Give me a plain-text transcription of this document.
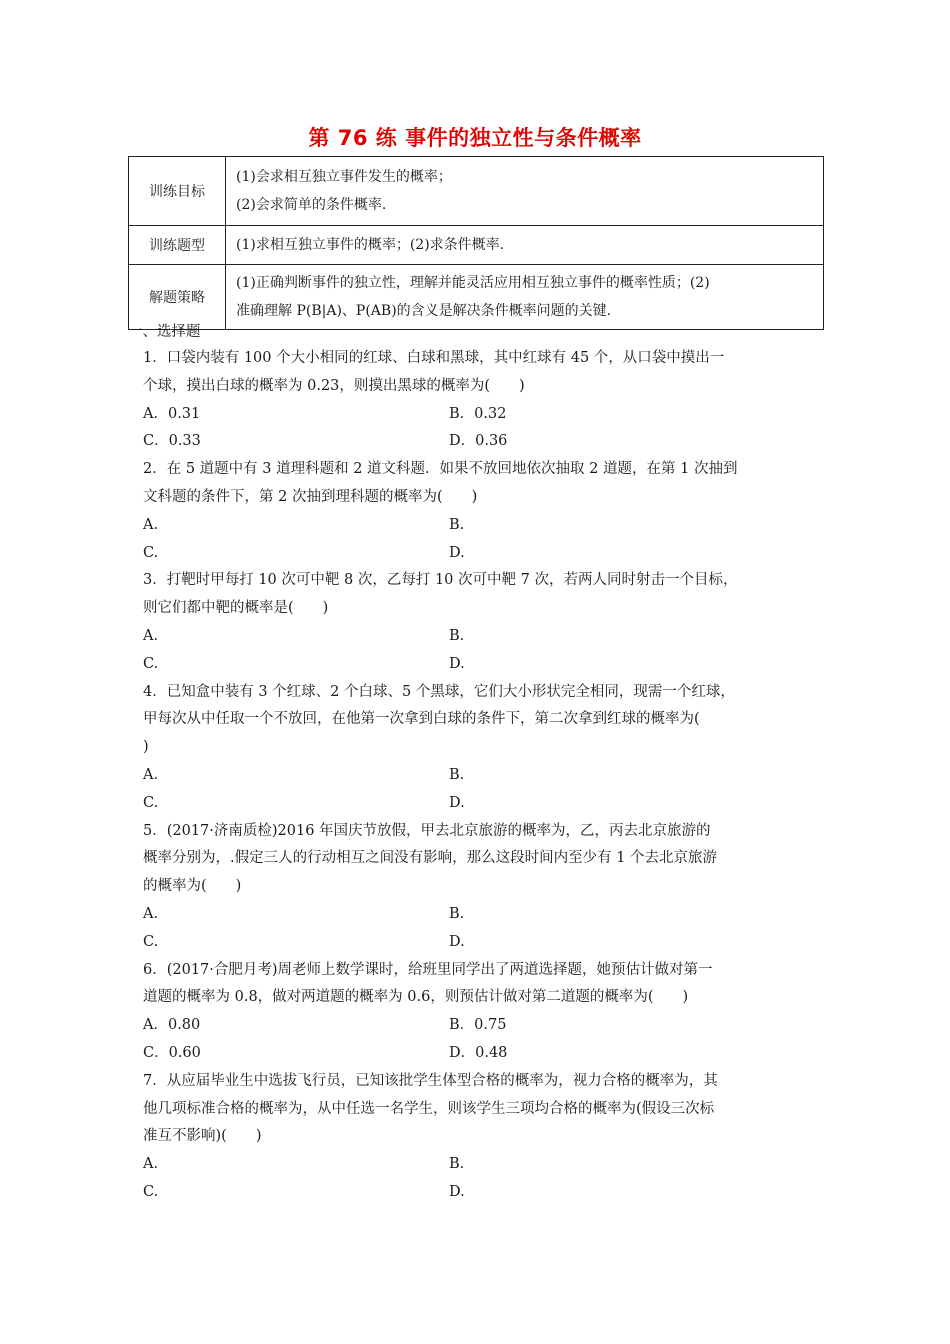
第 76 练 事件的独立性与条件概率
训练目标	(1)会求相互独立事件发生的概率；
(2)会求简单的条件概率.

训练题型	(1)求相互独立事件的概率；(2)求条件概率.

解题策略	(1)正确判断事件的独立性，理解并能灵活应用相互独立事件的概率性质；(2)
准确理解 P(B|A)、P(AB)的含义是解决条件概率问题的关键.
一、选择题
1．口袋内装有 100 个大小相同的红球、白球和黑球，其中红球有 45 个，从口袋中摸出一
个球，摸出白球的概率为 0.23，则摸出黑球的概率为(　　)
A．0.31	B．0.32
C．0.33	D．0.36
2．在 5 道题中有 3 道理科题和 2 道文科题．如果不放回地依次抽取 2 道题，在第 1 次抽到
文科题的条件下，第 2 次抽到理科题的概率为(　　)
A.	B.
C.	D.
3．打靶时甲每打 10 次可中靶 8 次，乙每打 10 次可中靶 7 次，若两人同时射击一个目标，
则它们都中靶的概率是(　　)
A.	B.
C.	D.
4．已知盒中装有 3 个红球、2 个白球、5 个黑球，它们大小形状完全相同，现需一个红球，
甲每次从中任取一个不放回，在他第一次拿到白球的条件下，第二次拿到红球的概率为(
)
A.	B.
C.	D.
5．(2017·济南质检)2016 年国庆节放假，甲去北京旅游的概率为，乙，丙去北京旅游的
概率分别为，.假定三人的行动相互之间没有影响，那么这段时间内至少有 1 个去北京旅游
的概率为(　　)
A.	B.
C.	D.
6．(2017·合肥月考)周老师上数学课时，给班里同学出了两道选择题，她预估计做对第一
道题的概率为 0.8，做对两道题的概率为 0.6，则预估计做对第二道题的概率为(　　)
A．0.80	B．0.75
C．0.60	D．0.48
7．从应届毕业生中选拔飞行员，已知该批学生体型合格的概率为，视力合格的概率为，其
他几项标准合格的概率为，从中任选一名学生，则该学生三项均合格的概率为(假设三次标
准互不影响)(　　)
A.	B.
C.	D.
